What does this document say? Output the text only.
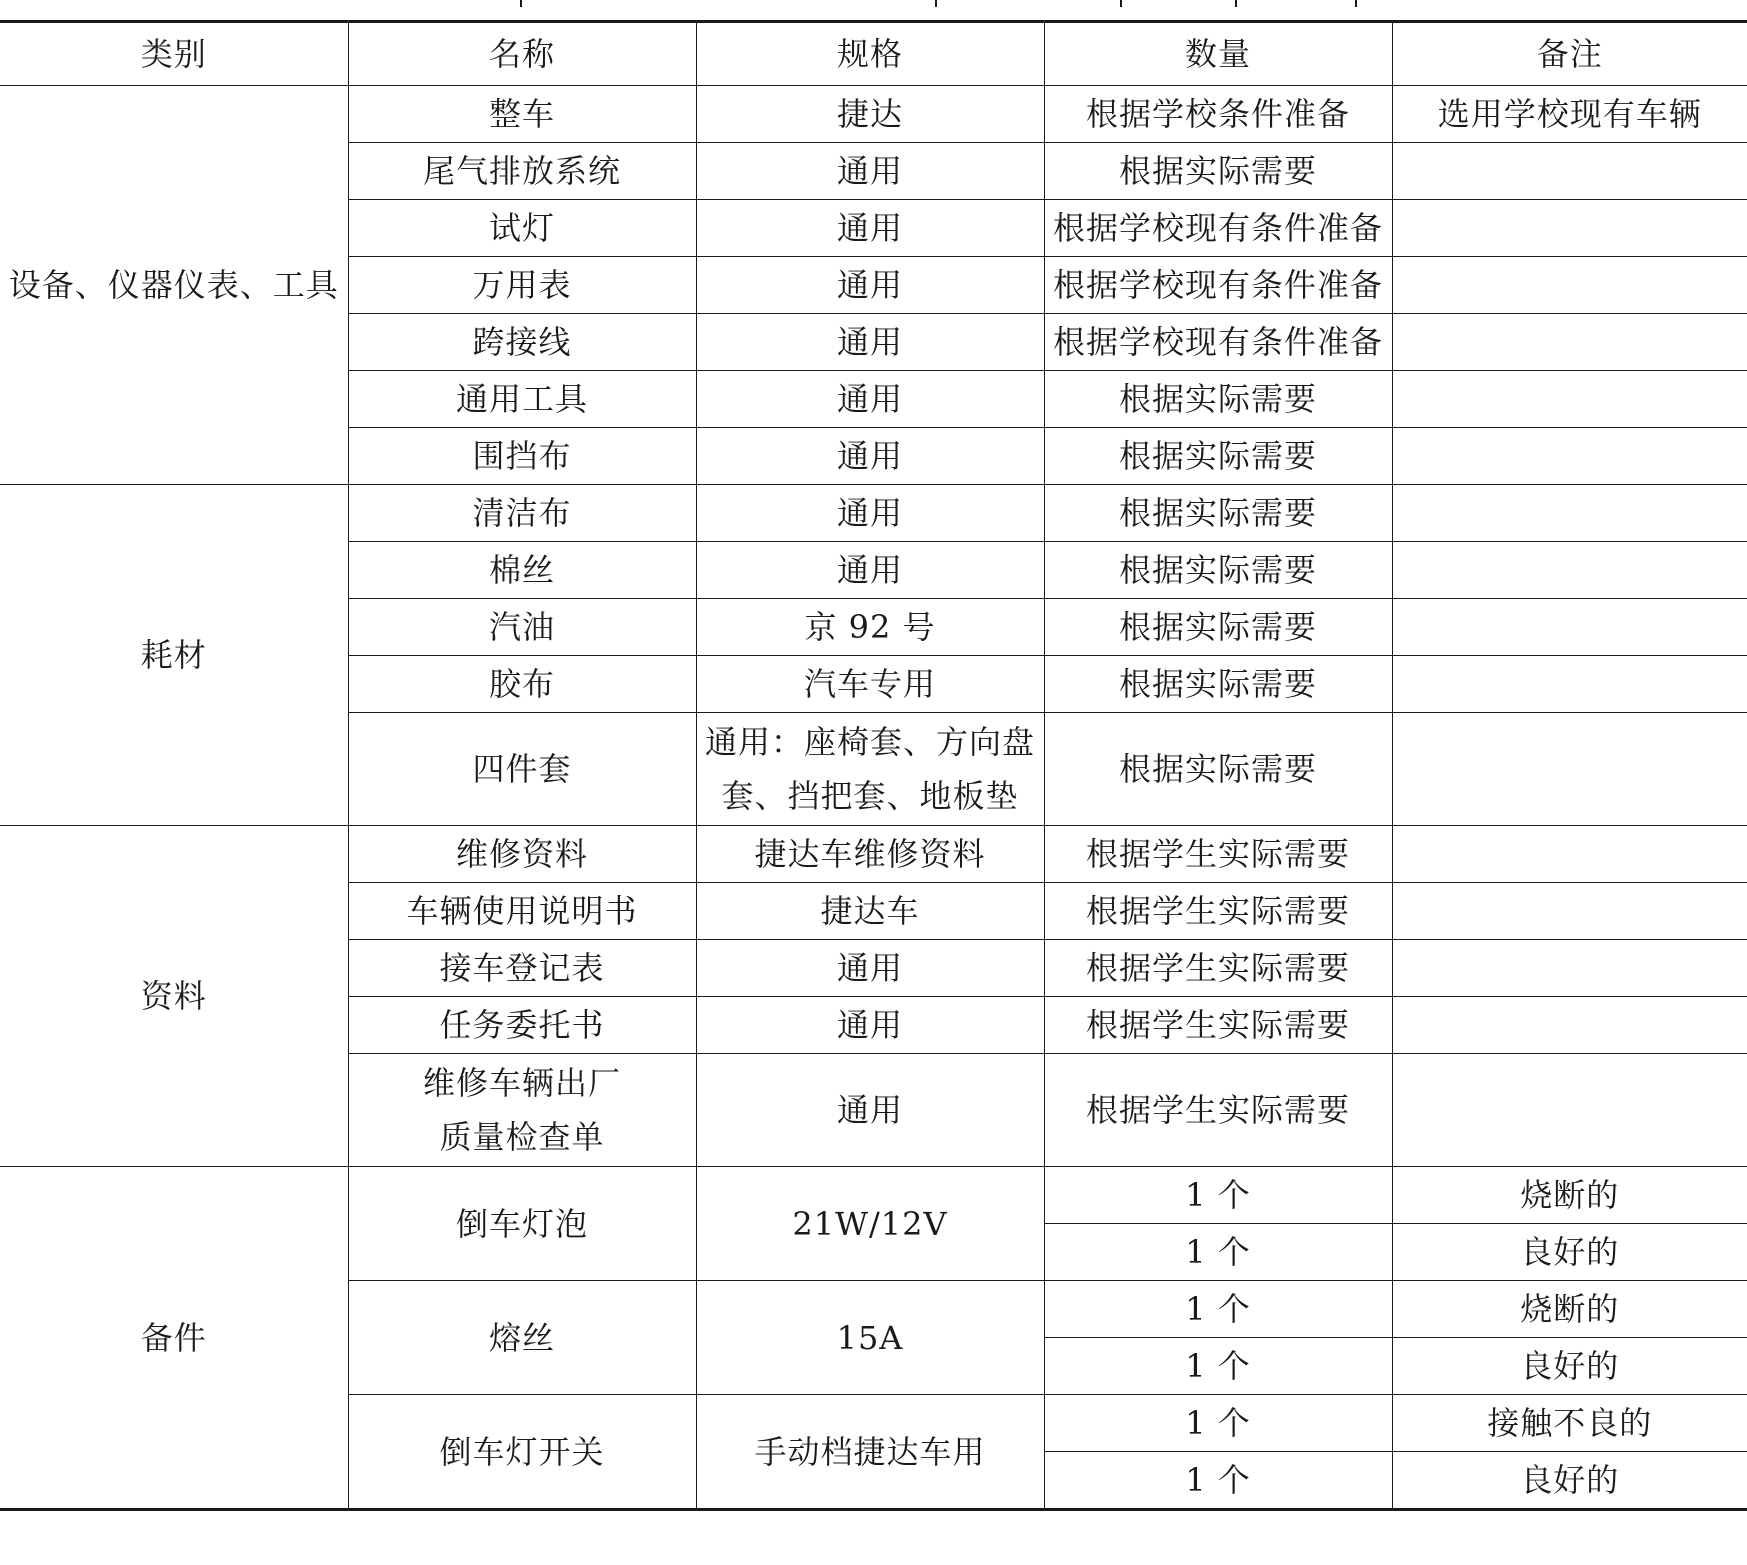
类别	名称	规格	数量	备注
设备、仪器仪表、工具	整车	捷达	根据学校条件准备	选用学校现有车辆
	尾气排放系统	通用	根据实际需要	
	试灯	通用	根据学校现有条件准备	
	万用表	通用	根据学校现有条件准备	
	跨接线	通用	根据学校现有条件准备	
	通用工具	通用	根据实际需要	
	围挡布	通用	根据实际需要	
耗材	清洁布	通用	根据实际需要	
	棉丝	通用	根据实际需要	
	汽油	京 92 号	根据实际需要	
	胶布	汽车专用	根据实际需要	
	四件套	通用：座椅套、方向盘套、挡把套、地板垫	根据实际需要	
资料	维修资料	捷达车维修资料	根据学生实际需要	
	车辆使用说明书	捷达车	根据学生实际需要	
	接车登记表	通用	根据学生实际需要	
	任务委托书	通用	根据学生实际需要	
	维修车辆出厂质量检查单	通用	根据学生实际需要	
备件	倒车灯泡	21W/12V	1 个	烧断的
			1 个	良好的
	熔丝	15A	1 个	烧断的
			1 个	良好的
	倒车灯开关	手动档捷达车用	1 个	接触不良的
			1 个	良好的
